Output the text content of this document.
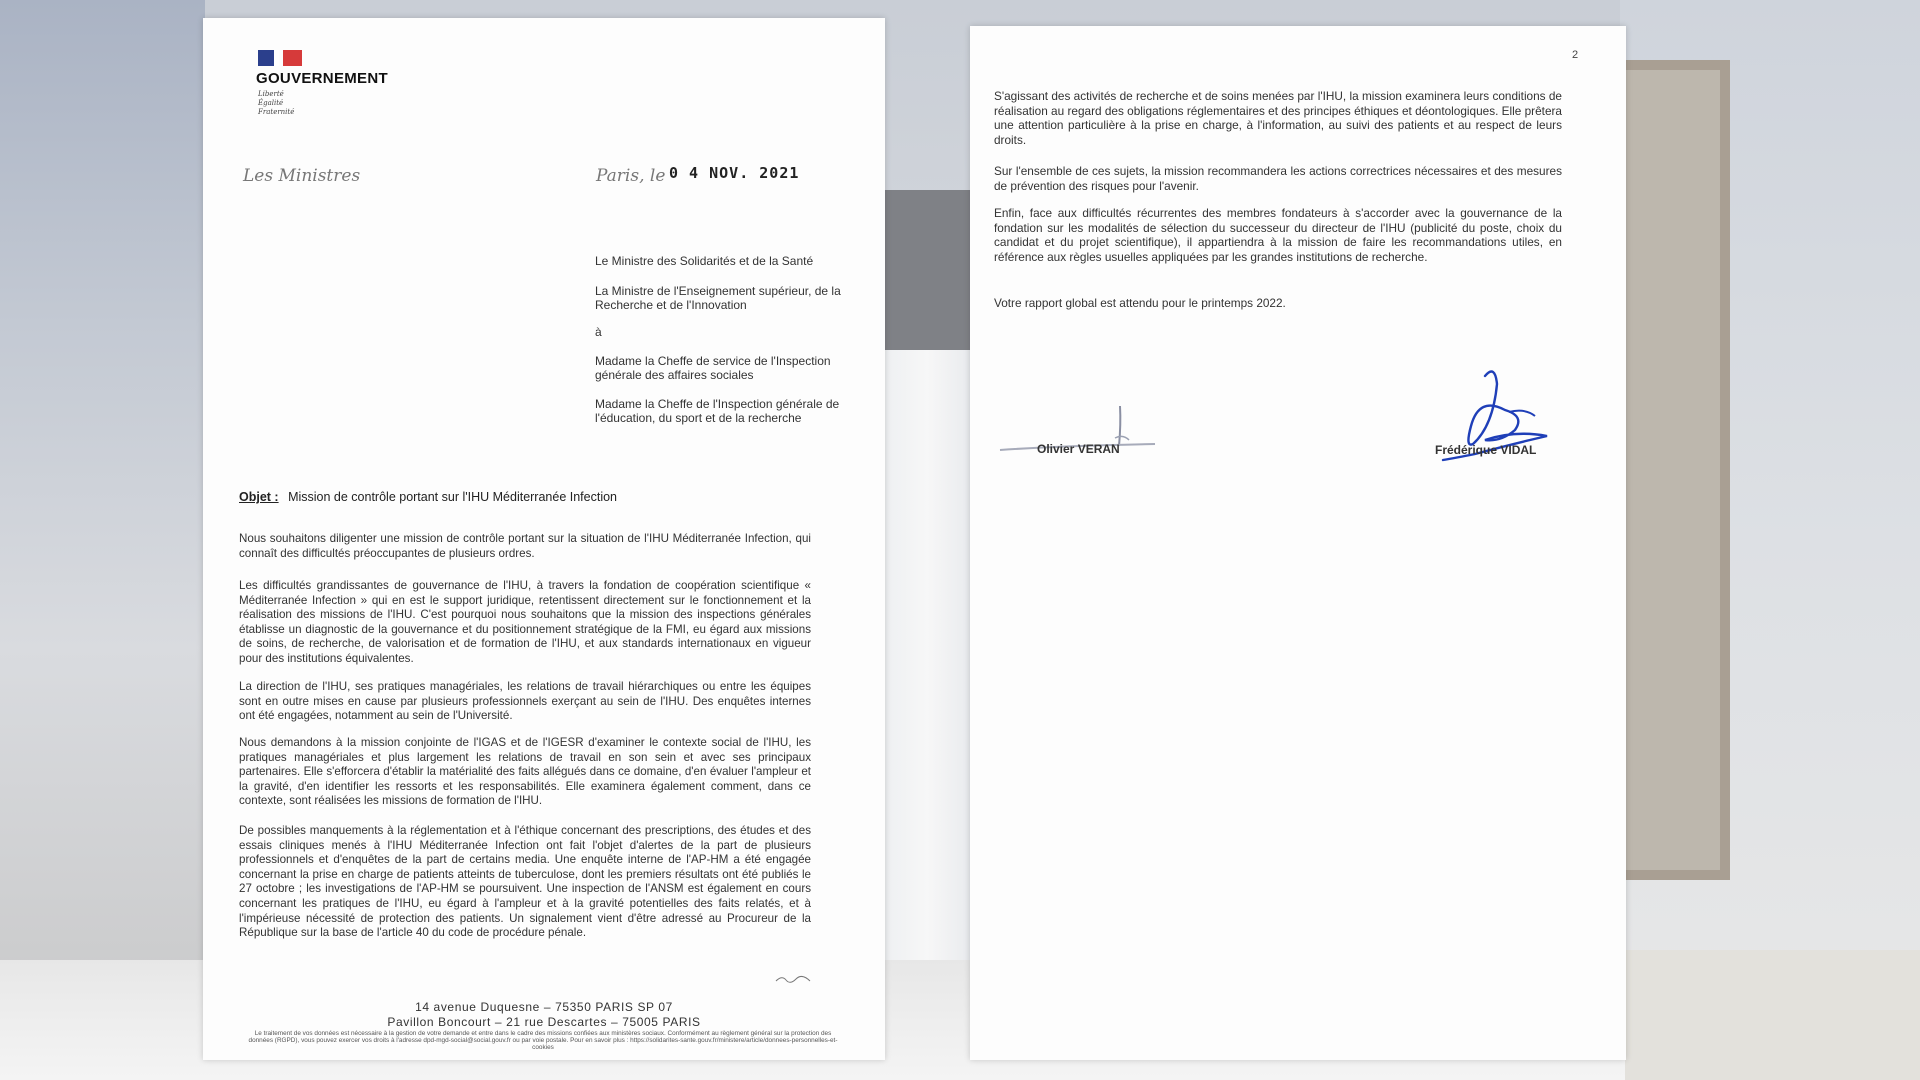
GOUVERNEMENT
Liberté
Égalité
Fraternité
Les Ministres	Paris, le 0 4 NOV. 2021
Le Ministre des Solidarités et de la Santé
La Ministre de l'Enseignement supérieur, de la Recherche et de l'Innovation
à
Madame la Cheffe de service de l'Inspection générale des affaires sociales
Madame la Cheffe de l'Inspection générale de l'éducation, du sport et de la recherche
Objet : Mission de contrôle portant sur l'IHU Méditerranée Infection
Nous souhaitons diligenter une mission de contrôle portant sur la situation de l'IHU Méditerranée Infection, qui connaît des difficultés préoccupantes de plusieurs ordres.
Les difficultés grandissantes de gouvernance de l'IHU, à travers la fondation de coopération scientifique « Méditerranée Infection » qui en est le support juridique, retentissent directement sur le fonctionnement et la réalisation des missions de l'IHU. C'est pourquoi nous souhaitons que la mission des inspections générales établisse un diagnostic de la gouvernance et du positionnement stratégique de la FMI, eu égard aux missions de soins, de recherche, de valorisation et de formation de l'IHU, et aux standards internationaux en vigueur pour des institutions équivalentes.
La direction de l'IHU, ses pratiques managériales, les relations de travail hiérarchiques ou entre les équipes sont en outre mises en cause par plusieurs professionnels exerçant au sein de l'IHU. Des enquêtes internes ont été engagées, notamment au sein de l'Université.
Nous demandons à la mission conjointe de l'IGAS et de l'IGESR d'examiner le contexte social de l'IHU, les pratiques managériales et plus largement les relations de travail en son sein et avec ses principaux partenaires. Elle s'efforcera d'établir la matérialité des faits allégués dans ce domaine, d'en évaluer l'ampleur et la gravité, d'en identifier les ressorts et les responsabilités. Elle examinera également comment, dans ce contexte, sont réalisées les missions de formation de l'IHU.
De possibles manquements à la réglementation et à l'éthique concernant des prescriptions, des études et des essais cliniques menés à l'IHU Méditerranée Infection ont fait l'objet d'alertes de la part de plusieurs professionnels et d'enquêtes de la part de certains media. Une enquête interne de l'AP-HM a été engagée concernant la prise en charge de patients atteints de tuberculose, dont les premiers résultats ont été publiés le 27 octobre ; les investigations de l'AP-HM se poursuivent. Une inspection de l'ANSM est également en cours concernant les pratiques de l'IHU, eu égard à l'ampleur et à la gravité potentielles des faits relatés, et à l'impérieuse nécessité de protection des patients. Un signalement vient d'être adressé au Procureur de la République sur la base de l'article 40 du code de procédure pénale.
14 avenue Duquesne – 75350 PARIS SP 07
Pavillon Boncourt – 21 rue Descartes – 75005 PARIS
Le traitement de vos données est nécessaire à la gestion de votre demande et entre dans le cadre des missions confiées aux ministères sociaux. Conformément au règlement général sur la protection des données (RGPD), vous pouvez exercer vos droits à l'adresse dpd-mgd-social@social.gouv.fr ou par voie postale. Pour en savoir plus : https://solidarites-sante.gouv.fr/ministere/article/donnees-personnelles-et-cookies
2
S'agissant des activités de recherche et de soins menées par l'IHU, la mission examinera leurs conditions de réalisation au regard des obligations réglementaires et des principes éthiques et déontologiques. Elle prêtera une attention particulière à la prise en charge, à l'information, au suivi des patients et au respect de leurs droits.
Sur l'ensemble de ces sujets, la mission recommandera les actions correctrices nécessaires et des mesures de prévention des risques pour l'avenir.
Enfin, face aux difficultés récurrentes des membres fondateurs à s'accorder avec la gouvernance de la fondation sur les modalités de sélection du successeur du directeur de l'IHU (publicité du poste, choix du candidat et du projet scientifique), il appartiendra à la mission de faire les recommandations utiles, en référence aux règles usuelles appliquées par les grandes institutions de recherche.
Votre rapport global est attendu pour le printemps 2022.
Olivier VERAN	Frédérique VIDAL
